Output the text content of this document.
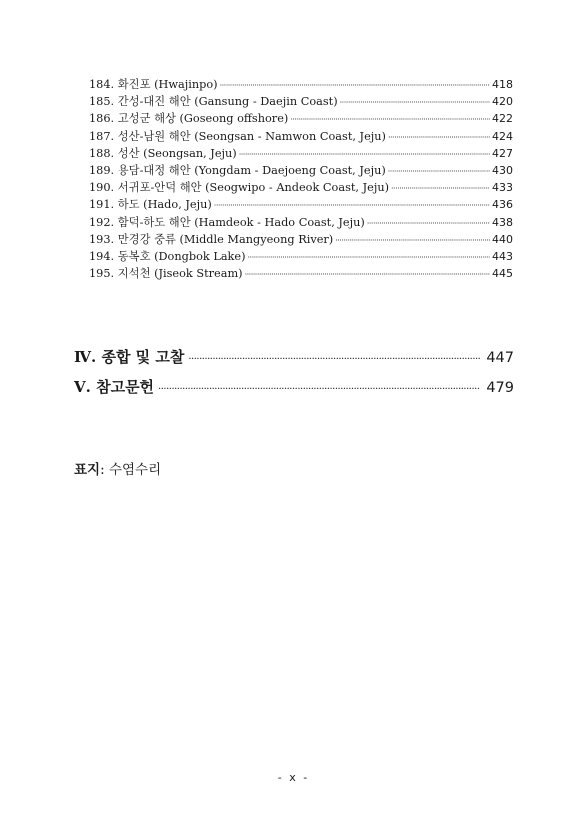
184. 화진포 (Hwajinpo) ·····	418
185. 간성-대진 해안 (Gansung - Daejin Coast) ·····	420
186. 고성군 해상 (Goseong offshore) ·····	422
187. 성산-남원 해안 (Seongsan - Namwon Coast, Jeju) ·····	424
188. 성산 (Seongsan, Jeju) ·····	427
189. 용담-대정 해안 (Yongdam - Daejoeng Coast, Jeju) ·····	430
190. 서귀포-안덕 해안 (Seogwipo - Andeok Coast, Jeju) ·····	433
191. 하도 (Hado, Jeju) ·····	436
192. 함덕-하도 해안 (Hamdeok - Hado Coast, Jeju) ·····	438
193. 만경강 중류 (Middle Mangyeong River) ·····	440
194. 동복호 (Dongbok Lake) ·····	443
195. 지석천 (Jiseok Stream) ·····	445
Ⅳ. 종합 및 고찰 ·····	447
Ⅴ. 참고문헌 ·····	479
표지: 수염수리
- x -
